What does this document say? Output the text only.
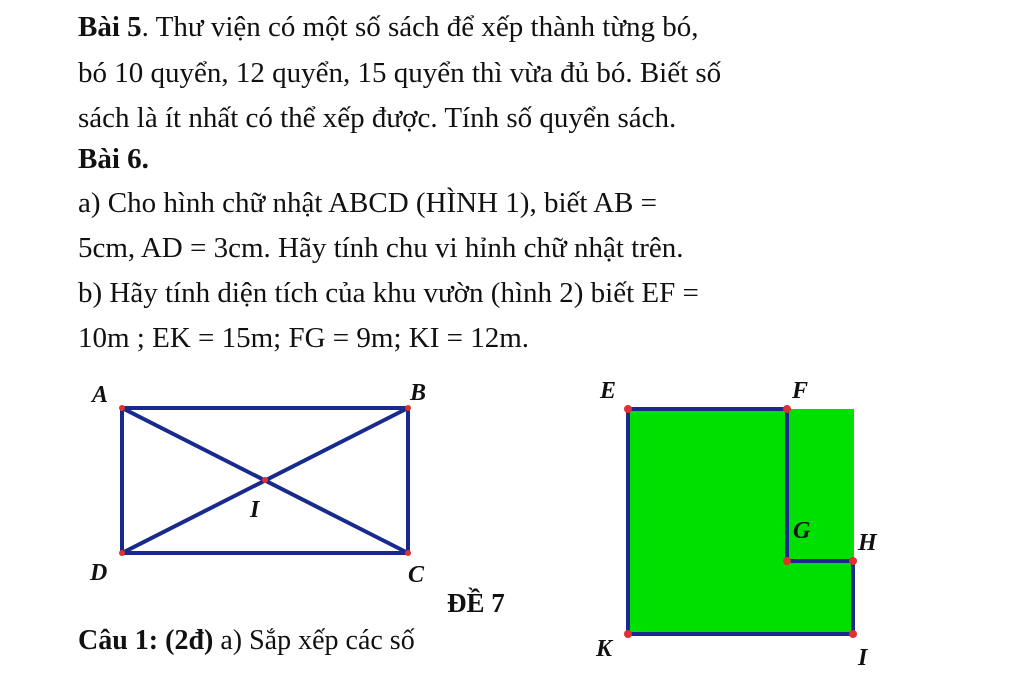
Bài 5. Thư viện có một số sách để xếp thành từng bó,
bó 10 quyển, 12 quyển, 15 quyển thì vừa đủ bó. Biết số
sách là ít nhất có thể xếp được. Tính số quyển sách.
Bài 6.
a) Cho hình chữ nhật ABCD (HÌNH 1), biết AB =
5cm, AD = 3cm. Hãy tính chu vi hỉnh chữ nhật trên.
b) Hãy tính diện tích của khu vườn (hình 2) biết EF =
10m ; EK = 15m; FG = 9m; KI = 12m.
A	B
C
D
I
E	F
G H
I
K
ĐỀ 7
Câu 1: (2đ) a) Sắp xếp các số
